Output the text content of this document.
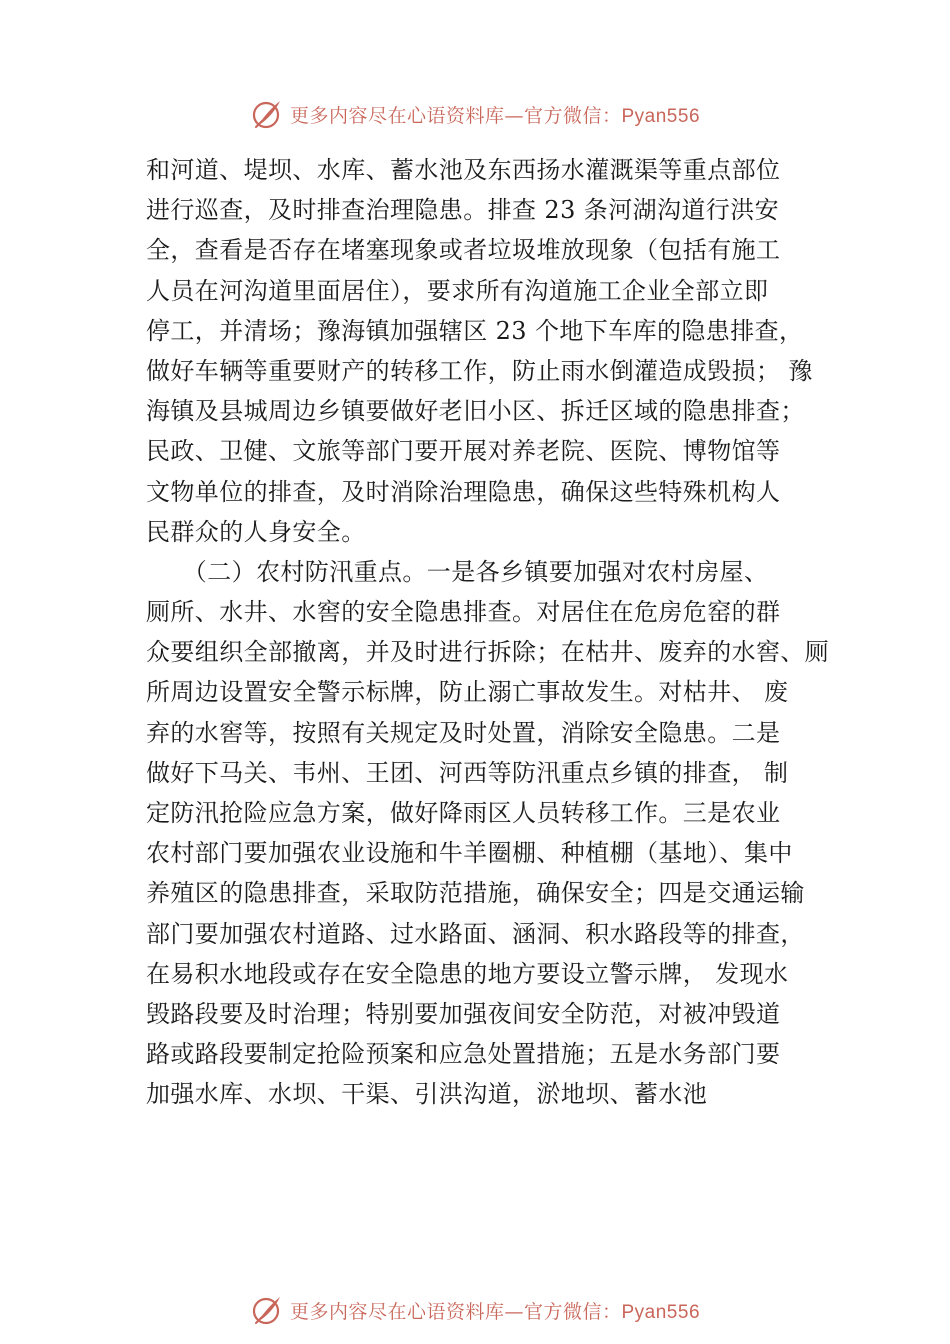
更多内容尽在心语资料库—官方微信：Pyan556
和河道、堤坝、水库、蓄水池及东西扬水灌溉渠等重点部位
进行巡查，及时排查治理隐患。排查 23 条河湖沟道行洪安
全，查看是否存在堵塞现象或者垃圾堆放现象（包括有施工
人员在河沟道里面居住），要求所有沟道施工企业全部立即
停工，并清场；豫海镇加强辖区 23 个地下车库的隐患排查，
做好车辆等重要财产的转移工作，防止雨水倒灌造成毁损； 豫
海镇及县城周边乡镇要做好老旧小区、拆迁区域的隐患排查；
民政、卫健、文旅等部门要开展对养老院、医院、博物馆等
文物单位的排查，及时消除治理隐患，确保这些特殊机构人
民群众的人身安全。
　　（二）农村防汛重点。一是各乡镇要加强对农村房屋、
厕所、水井、水窖的安全隐患排查。对居住在危房危窑的群
众要组织全部撤离，并及时进行拆除；在枯井、废弃的水窖、厕
所周边设置安全警示标牌，防止溺亡事故发生。对枯井、 废
弃的水窖等，按照有关规定及时处置，消除安全隐患。二是
做好下马关、韦州、王团、河西等防汛重点乡镇的排查， 制
定防汛抢险应急方案，做好降雨区人员转移工作。三是农业
农村部门要加强农业设施和牛羊圈棚、种植棚（基地）、集中
养殖区的隐患排查，采取防范措施，确保安全；四是交通运输
部门要加强农村道路、过水路面、涵洞、积水路段等的排查，
在易积水地段或存在安全隐患的地方要设立警示牌， 发现水
毁路段要及时治理；特别要加强夜间安全防范，对被冲毁道
路或路段要制定抢险预案和应急处置措施；五是水务部门要
加强水库、水坝、干渠、引洪沟道，淤地坝、蓄水池
更多内容尽在心语资料库—官方微信：Pyan556
